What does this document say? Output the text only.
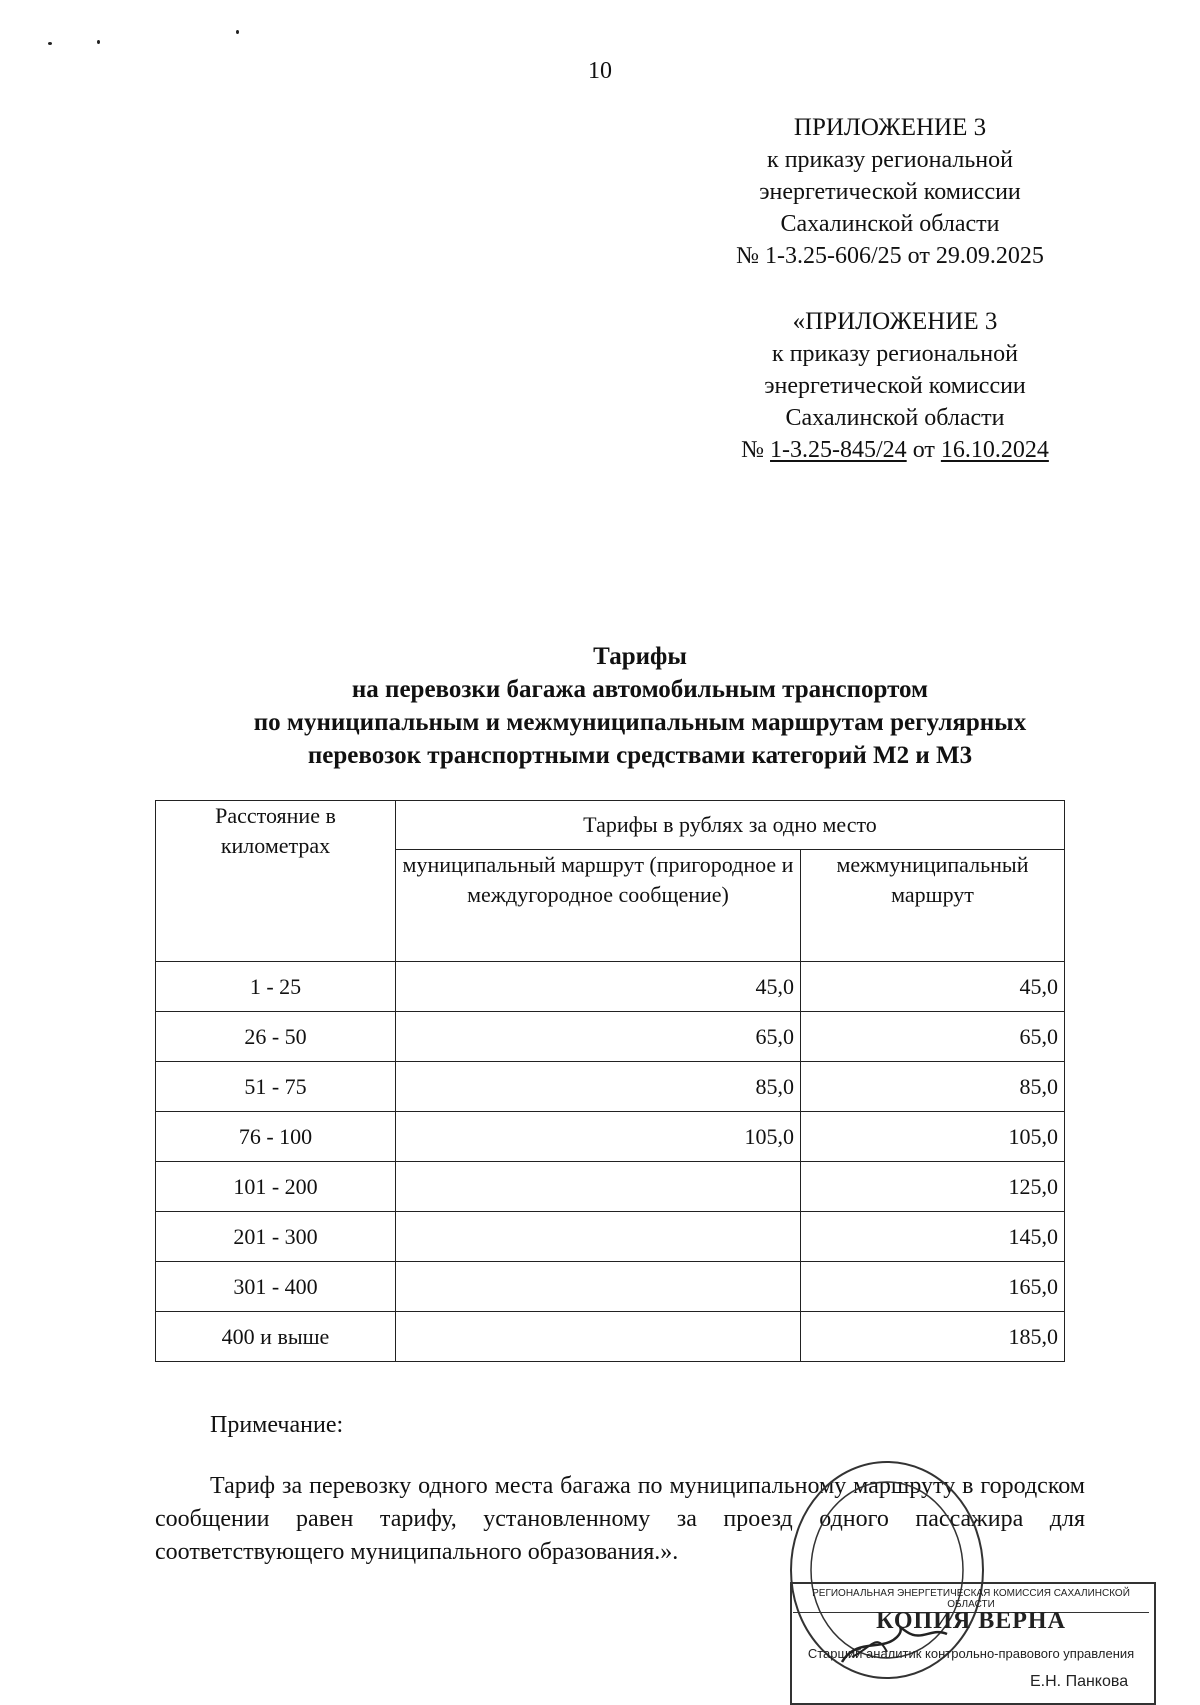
10
ПРИЛОЖЕНИЕ 3
к приказу региональной
энергетической комиссии
Сахалинской области
№ 1-3.25-606/25 от 29.09.2025
«ПРИЛОЖЕНИЕ 3
к приказу региональной
энергетической комиссии
Сахалинской области
№ 1-3.25-845/24 от 16.10.2024
Тарифы
на перевозки багажа автомобильным транспортом
по муниципальным и межмуниципальным маршрутам регулярных
перевозок транспортными средствами категорий М2 и М3
Расстояние в километрах	Тарифы в рублях за одно место	
	муниципальный маршрут (пригородное и междугородное сообщение)	межмуниципальный маршрут
1 - 25	45,0	45,0
26 - 50	65,0	65,0
51 - 75	85,0	85,0
76 - 100	105,0	105,0
101 - 200		125,0
201 - 300		145,0
301 - 400		165,0
400 и выше		185,0
Примечание:
Тариф за перевозку одного места багажа по муниципальному маршруту в городском сообщении равен тарифу, установленному за проезд одного пассажира для соответствующего муниципального образования.».
РЕГИОНАЛЬНАЯ ЭНЕРГЕТИЧЕСКАЯ КОМИССИЯ САХАЛИНСКОЙ ОБЛАСТИ
КОПИЯ ВЕРНА
Старший аналитик контрольно-правового управления
Е.Н. Панкова
